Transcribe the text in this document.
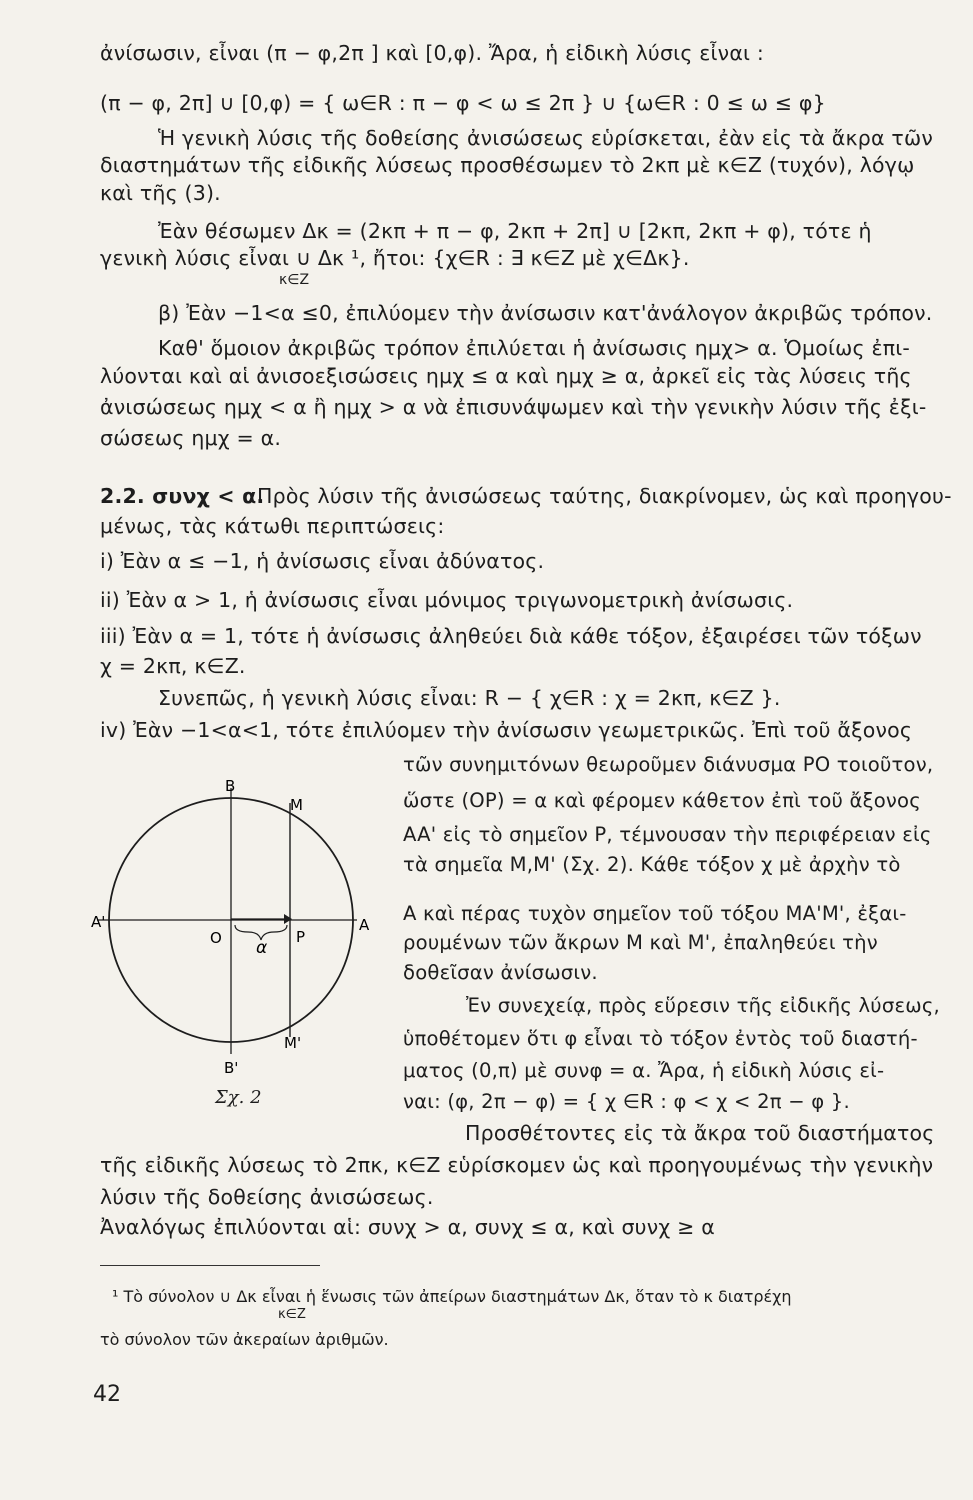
ἀνίσωσιν, εἶναι (π − φ,2π ] καὶ [0,φ). Ἄρα, ἡ εἰδικὴ λύσις εἶναι :
(π − φ, 2π] ∪ [0,φ) = { ω∈R : π − φ < ω ≤ 2π } ∪ {ω∈R : 0 ≤ ω ≤ φ}
Ἡ γενικὴ λύσις τῆς δοθείσης ἀνισώσεως εὑρίσκεται, ἐὰν εἰς τὰ ἄκρα τῶν
διαστημάτων τῆς εἰδικῆς λύσεως προσθέσωμεν τὸ 2κπ μὲ κ∈Z (τυχόν), λόγῳ
καὶ τῆς (3).
Ἐὰν θέσωμεν Δκ = (2κπ + π − φ, 2κπ + 2π] ∪ [2κπ, 2κπ + φ), τότε ἡ
γενικὴ λύσις εἶναι ∪ Δκ ¹, ἤτοι: {χ∈R : ∃ κ∈Z μὲ χ∈Δκ}.
κ∈Z
β) Ἐὰν −1<α ≤0, ἐπιλύομεν τὴν ἀνίσωσιν κατ'ἀνάλογον ἀκριβῶς τρόπον.
Καθ' ὅμοιον ἀκριβῶς τρόπον ἐπιλύεται ἡ ἀνίσωσις ημχ> α. Ὁμοίως ἐπι-
λύονται καὶ αἱ ἀνισοεξισώσεις ημχ ≤ α καὶ ημχ ≥ α, ἀρκεῖ εἰς τὰς λύσεις τῆς
ἀνισώσεως ημχ < α ἢ ημχ > α νὰ ἐπισυνάψωμεν καὶ τὴν γενικὴν λύσιν τῆς ἐξι-
σώσεως ημχ = α.
2.2. συνχ < α.
Πρὸς λύσιν τῆς ἀνισώσεως ταύτης, διακρίνομεν, ὡς καὶ προηγου-
μένως, τὰς κάτωθι περιπτώσεις:
i) Ἐὰν α ≤ −1, ἡ ἀνίσωσις εἶναι ἀδύνατος.
ii) Ἐὰν α > 1, ἡ ἀνίσωσις εἶναι μόνιμος τριγωνομετρικὴ ἀνίσωσις.
iii) Ἐὰν α = 1, τότε ἡ ἀνίσωσις ἀληθεύει διὰ κάθε τόξον, ἐξαιρέσει τῶν τόξων
χ = 2κπ, κ∈Z.
Συνεπῶς, ἡ γενικὴ λύσις εἶναι: R − { χ∈R : χ = 2κπ, κ∈Z }.
iv) Ἐὰν −1<α<1, τότε ἐπιλύομεν τὴν ἀνίσωσιν γεωμετρικῶς. Ἐπὶ τοῦ ἄξονος
τῶν συνημιτόνων θεωροῦμεν διάνυσμα PO τοιοῦτον,
ὥστε (OP) = α καὶ φέρομεν κάθετον ἐπὶ τοῦ ἄξονος
AA' εἰς τὸ σημεῖον P, τέμνουσαν τὴν περιφέρειαν εἰς
τὰ σημεῖα M,M' (Σχ. 2). Κάθε τόξον χ μὲ ἀρχὴν τὸ
A καὶ πέρας τυχὸν σημεῖον τοῦ τόξου MA'M', ἐξαι-
ρουμένων τῶν ἄκρων M καὶ M', ἐπαληθεύει τὴν
δοθεῖσαν ἀνίσωσιν.
Ἐν συνεχείᾳ, πρὸς εὕρεσιν τῆς εἰδικῆς λύσεως,
ὑποθέτομεν ὅτι φ εἶναι τὸ τόξον ἐντὸς τοῦ διαστή-
ματος (0,π) μὲ συνφ = α. Ἄρα, ἡ εἰδικὴ λύσις εἰ-
ναι: (φ, 2π − φ) = { χ ∈R : φ < χ < 2π − φ }.
Προσθέτοντες εἰς τὰ ἄκρα τοῦ διαστήματος
τῆς εἰδικῆς λύσεως τὸ 2πκ, κ∈Z εὑρίσκομεν ὡς καὶ προηγουμένως τὴν γενικὴν
λύσιν τῆς δοθείσης ἀνισώσεως.
Ἀναλόγως ἐπιλύονται αἱ: συνχ > α, συνχ ≤ α, καὶ συνχ ≥ α
B
M
A'
O α
P
A
B'
M'
Σχ. 2
¹ Τὸ σύνολον ∪ Δκ εἶναι ἡ ἕνωσις τῶν ἀπείρων διαστημάτων Δκ, ὅταν τὸ κ διατρέχη
κ∈Z
τὸ σύνολον τῶν ἀκεραίων ἀριθμῶν.
42
